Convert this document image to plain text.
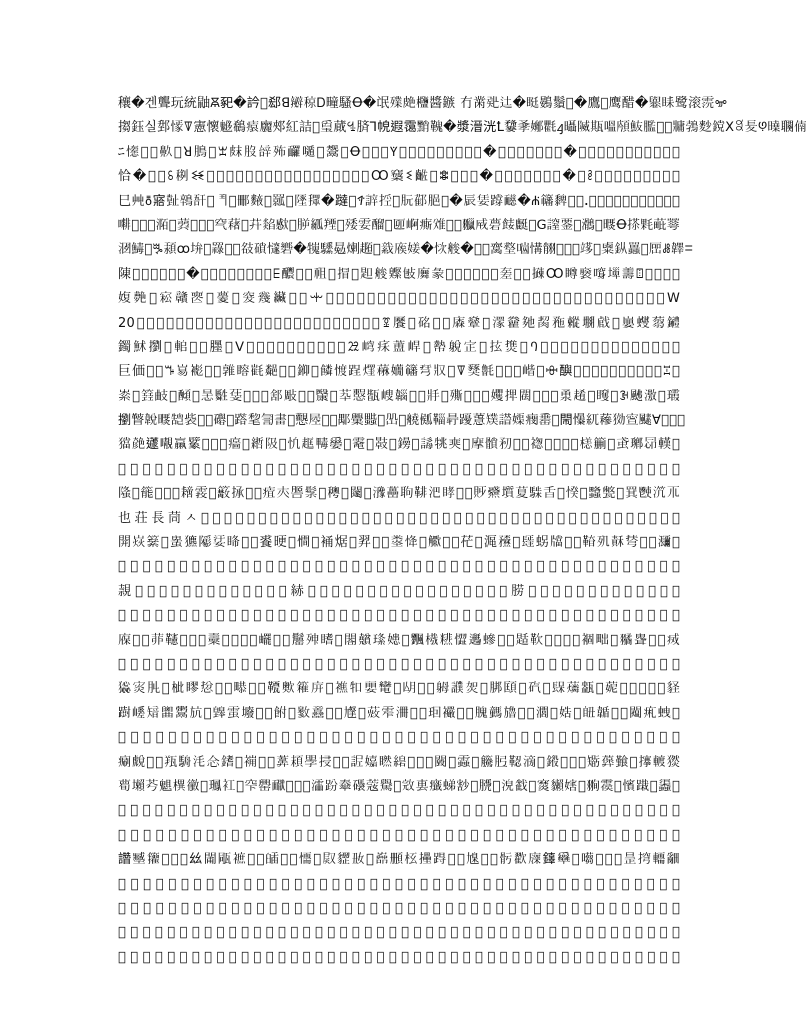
穰�겐聾玩統鼬Ꙛ𢁁�訡𢆥郄ꓭ𨐵稤Ꭰ疃騷Ꝋ�氓𣩫𦫗𣡶醬鏃 冇黹𥎲𨑒�𥆑鷃鬚𢺓�鷹𨩑鹰醋�𦦶𥅦鹭滚𩂸ꗁ
搊鈺실𨛘𢠟ꘜ憲懷𩳲鵗𤸖𢌒郟紅詰𨇜𤨐蕆ꔈ𦜝ꓶ𢂹遐霭𪑊𩌃�漿溍洸Ꝉ𪍫𠭂𡟦氍ꜭ𣌍隇𤭣嗢𩒯𩵼𦡶𧂹𪙼牅鵓麨鎲ꓫ꒺𡕣ꚩ𣊝𦘍㑲
ﾆ𢣖𡛅𤂜𪖓𨩂ꓤ𩿊𣔘ꘇ𤿗𦘿辝𣧦𩉙𡀷𦴼鬶𥹘Ꝋ𤺹𣇣𡪐ꚲ𩍽𩎯𡃌𥡧𣺭壍糘𢼼萔�𧫴𡠓貅𩟜𨲏𥤥𢂶�𦭌𧅤𤑱𢃏𩡹嶢𦇂𩐁𩍏𤍚𢅇
恰�𡝲𣡲ꗏ𥟻ꘒ𤩼𤇎𡫹𦍗滁𢥐𥚼紛醤慍嬖餝𩌭𩺓𡓻𤇝𩸍Ꝏ𥨑ꗨ𪘡𤶉ꗵ𦚇𧻚𧭕�𣠜𧔀𩒅𡈗𦄫𨭝殹�𣥧ꔧ𣭛𤮇鷺𦑱𪂾𪌈𨉵𦕑𡁵
巳𡴂ꚢ𡪗𣦕𪁽𢆖𣜔𩰊𤀡𨚿𪍅𣏮𦌦𩜥𨻐𢴞�躂𨶾ꚫ𧩔𢭊𥘈䏓𨞂𦛞𧉕�𨑄𡜟𨅝𩉋�ꛔ𥶋𪐄𧲫𤐐ꓸ𢠐𤴢𢍽𡐔𧙇𩒿𢦰𥮳𤞹𨐷𣧂
𡁭𢠬𨊫𢇐𣶊𨃁𦳪𢤼𩓶𥺯𥤶𦿀𠸌𦬠𤏭𣤮𩝮𣍮𦁣𦎣𨣗𣨙𩁻𨢇𥩹𠥰𡹣𤺊𨾝𦧨𧕬𦒦𢦩𥕗𩛏𪊶𤄾ꓖ𧫡𧟴𪍯𪆸𧦰𣊥Ꝋ𢰀𣮔𦳈𡾀
𣶡𩹝𢢸ꔨ𩒴ꚙ𡊯𧵯𦌟𢳢𢓨𢻇𥔭𢤪𥖡�𤛲𩧖𣈳𤊶𧼟𥖭𦁋𢉡𡟜�𢙊𦩇�𥄂𤊌𦠕𤨣𠼜𢞡𦐺𢧂𤈤𧖲𥪫𢴯𥻆𨥎𧕛𨭈𡸡ꗡ𩏪ꘌ
陳𨏮𧯍𡜶𤦀𤑉𣋐�𢛊𡊴𤴉𦷮𦧬𢄡𡾻𩱉ꗋ𨤉𩇂𦂟𥘲𤕹𢯾𨨧𠸭𦩇𦤱𢼌𢋑𧰲𤶞𦲃𢿋𣆨𡮠𥗡𢀡𡐆𦌽𢵽Ꝏ𥊭𧜈𠾮𡐕𦏟ꘖ𣺃𣓮𥪨𣸨
𡞪𦫰𣲧𡨭𥫔𠷔𢑙𧀧𦨅𥥛𢣳𦇴𧋹𢸻ꗻ𢭹𦥱𧀼𨻏𥒂𦸚𢇫𠺣𩕕𢑐𢎼𧺮𣡦𦡥𤼫𤃤𩾁𤔺𣗕𨭅𡄠𪛓𧨏𢡫𣪐𤗝𥗚𧊊𦕷𧙹𥻸𢵛𨤔ꓪ
20𨪱𦚂𡁙𦫰𥙜𣢥𡗸𢉮𦻤𣇯𦕬𩪵𦯰𥸈𥩗𣤈𦦿𢝜𥚹𨣎𣹐𧢯𡹑𨕆𣠓ꗒ𩞨𢦝𥒊𣳐𠹿𢊲𧄣𥦘𣽁𩁫𡖐𦚨𥍢𢖗𡐐𢧝𣼕𡾸𧕊𦷝𨰋
鐲𩶄𢷶𠼿𨋱𥛾𣑅𦢓𣊻ꓦ𥽤𩺎𩎝𣭝𨬈𤏗𥖅𦈒𢛣𧣅ꗠ𡸕𤵥𦻌𡷛𥃗𢄢𨉋𡧡𡦲𢫔𤍐𧾈ꛁ𨤔𣩻𦑊𩎟𣿭𤈡𡽝𤂤𦏸𢑬𥤡𡌳𧈝𥜄
巨価𡴔𤝔ꘞ𡸑𧜺𩛙𥥘𨿡𥊉𣯯𨞁𠳜𦷚𨦪𡮾𩞻𢜬𨁎𤌒𦼪𡤃𥶋𢏗𤕭𣂀ꘜ𧱾𣰯𤍑𨯖𥲱𡺓𦷦ꗳ𨣦𦕖𣷗𧉨𤐃𢭋𦣸𡺸𥊿𩣍𨢿ꔙ𧘳
𥿟𡴙𥴐𢻅𧵷𨢣𦌰𢙶𤰀𣁙𩇾𦖰𥙐𨛭𢽧𧡀𡒇𣫥𥤯𦬡𢤙𤭧𡻁𩏀𨹯𤃿𢪇𧜨𣩠𠼌𦓑𥬿𡤬𢬽𨴿𦷂𤌅𨏌𣵳𧼡𢘯𥌍𡫈ꘂ𩖼𣿗𦘏𤫑
𢷶𥌕𩎰𣊥𢁏𧙁𡚪𦿲𥗵𢉾𨅞𣮋𧥻𤱪𩶷𢦉𡲀𦎆𤟲𨜖𣡈𧔆𥪽𡵹𢶨𦪛𤬈𩋝𣆽𨇄𢡳𥐁𧫭𡡥𤺖𦈼𣵌𨳪𢥟𥾕𧂅𤟋𡩉𩘣ꓯ𦖗𢰜𤮨
𤢎𦫞𨙊𡃁𥢵𧲜𢪮𣾨𩙭𤹦𡋙𦄃𨸚𥞤𢖾𧻔𣫹𤕀𡼭𩆈𦊷𢻣𥇤𨭜𣑓𧩒𤙔𡘼𦾚𢳁𩪈𥍞𣷮𨂔𧛤𤳇𢎆𡇥𦚜𣗹𥮚𩜺𧈩𤩬𢘖𨎔𡼆
𥧤𣉍𡚳𨾨𦶶𤃪𢟢𧗀𩱹𥔼𣋱𡶿𦰏𤫵𨁗𢗸𧷿𥶂𣯾𩈡𡡀𦎽𤟹𢰍𨘪𧜏𥢥𣎝𩿊𡴍𦪜𤸸𢜅𨳲𧋨𥚻𣺣𩑚𡖈𦵗𤇰𢥱𨓏𧭺𥎌𣗦
𨻦𢍵𥰘𧠅𡬩𤨽𦔝𩃂𣡹𥷭𢮋𨒵𧦳𤶢𡗕𦟧𩬽𣉧𥣄𢢳𨷃𧐫𤂻𡿉𦕙𩋂𣲩𥆔𢾢𨃑𧴷𤒉𡒻𦱛𩤋𣅌𥩟𢜽𨪷𧕌𤮕𡦵𦋊𩰢𣵸𥘅
也荘長茼ㅅ𦇍𣑒𥗂𨙯𢨴𧒑𤡏𡳄𦥈𩌹𣂢𥳏𢑽𨍚𧯜𤦊𡍅𦼁𩝴𣟪𥄑𢯆𨵭𧌲𤜴𡩺𦃛𩮒𣳉𥟔𢖂𨤅𧸩𤊯𡰔𦙫𩄙𣢋𥬗𢄨𨛌𧃞
開𡹖𥳮𢙋𧌠𤣄𨽑𡜡𥅹𢰌𦹝𩛰𣆳𥫧𢢀𨯶𧚔𤉸𡯎𦐒𩧁𣍨𥹿𢘸𨁱𧥊𤴍𡅤𦮝𩑎𣸰𥎢𢆓𨲢𧊅𤗾𡓥𦢴𩊵𣦽𥡯𢏪𨫃𧷰𤅤𡬦
𨊬𤳟𡚄𦠻𩈑𣃪𥵏𢪑𨚮𧁻𤛉𡮩𦈽𩫪𣚀𥃆𢭍𨴖𧗮𤯤𡑿𦻖𩓣𣕃𥧍𢁃𨜁𧭓𤇜𡸢𦄭𩢁𣭰𥑋𢶭𨄕𧜟𤩛𡀹𦷠𩙪𣊔𥪁𢓢𨦋𧏀
𧡘𢩵𨘩𤰛𡋫𦤐𩂡𣰨𥋆𢺁𨉹𧑚𤖥𡵩𦀗𩦄𣓿𥸓𢃸𨠊𧲹𤠈𡨍𦯕𩎉𣅾𥚺𢥚𨱘𧉍𤌝𡓱𦛨𩪸𣌢𥀖𢸣𨎧𧺉𤝿𡄗𦶑𩗁𣧿𥯼𢊥
𡪷𤻰𦞓𨇿𣚈𩩁𥝍𢓻𧊧𤂙𡳧𦍷𩏖𣹑𥕔𢫹𨢜𧞴𤷈𡝃𦂀𩡟𣤞𥰃𢅗𨧴𧄪𤭌𡊂𦸧𩖢𣁕𥦓𢼿𨅲𧳇𤟻𡮏𦡩𩃓𣯢𥐆𢞀𨳁𧦞𤈮
𢉣𨐮𥲓𦯆𩍹𤚦𡋐𧟾𣝷𥑜𢵲𨟬𧇤𤳸𡥕𦆷𩯾𣨃𥉙𢋏𨶀𧹅𤦰𡠛𦓧𩙔𣔮𥼞𢡉𨙔𧑁𤄲𡶘𦧪𩉢𣷯𥃥𢝖𨮎𧛂𤱟𡌊𦒔𩲽𣆃𥭊𢦬
𡴸𣫜𦲷𩇿𤏄𥘈𢦗𨜜𧵤𡒬𤧞𦀫𩝒𣗵𥮒𢀳𨏿𧢝𤹮𡘴𦽗𩅗𣴑𥂟𢴚𨹀𧈦𤓋𡽘𦕜𩥜𣟐𥥄𢈾𨥟𧰎𤪊𡂿𦉶𩛫𣏌𥒣𢾷𨀛𧡃𤊣
𤡧𡨼𦘳𩠇𣐑𥉾𢚅𨫧𧂓𤲻𡋋𦰈𩌯𣤡𥴢𢇩𨞬𧝈𤘘𡡜𦇷𩫢𣍢𥘳𢬓𨈶𧭎𤇞𡱪𦜅𩒑𣽂𥐬𢑯𨲃𧃮𤭹𡖻𦲁𩄯𣯄𥥫𢲉𨚸𧲵
𨅒𡾑𥏮𦦤𩱖𣃚𢠁𤾲𧌙𡓊𥶣𦊢𩚭𣕱𢿬𨑂𤉃𧵅𡰀𥡂𦵨𩂖𣳷𢏀𨤶𤤨𧟓𡦓𥋰𦞙𩦍𣄤𢲍𨌌𤁵𧦓𡜲𥾿𦤊𩏋𣘄𢜝𨷐𤵦𧊣𡩴
𦖖𩹗𣠖𥇈𢣞𨘥𤍤𧡰𡅑𥬪𦌥𩈞𣪽𢋟𨭶𤴋𧐝𡷾𥜶𦿽𩒞𣈼𢨏𨁭𤛡𧱴𡞭𥂌𦥛𩭟𣛗𢄊𨞐𤦯𧄅𡨦𥱆𦗸𩟶𣶄𢱶𨋦𤀯𧫌𡄩
𤷯𧇓𡸶𥚣𦍭𩢸𣲭𢗁𨪌𤆮𧚸𡍹𥮸𦻪𩑷𣉬𢬶𨂚𤲐𧧫𡣗𥊶𦃧𩥩𣥝𢛰𨷕𤓥𧓑𡫊𥸎𦙠𩊫𣹿𢁌𨦯𤞇𧺱𡍒𥏼𦽻𩞎𣌆𢷘𨍏𤢅
𥊄𡓒𦬉𩳖𣚣𢖜𨵣𤪧𧘍𡳽𥤲𦉝𩉇𣫏𢆏𨜬𤃩𧿚𡙹𥗗𦸅𩦡𣆅𢽉𨊢𤼋𧋘𡮞𥃊𦡻𩔫𣴟𢧵𨱹𤑖𧴡𡟲𥪬𦐥𩃺𣑩𢣐𨃭𤯒𧕎𡹉
𨰶𢃶𥔒𧮲𡇮𤖊𦻄𩖦𣢬𥫆𢏑𨝷𧉟𤷰𡕧𦃘𩮳𣋸𥓫𢳯𨔏𧖱𤌖𡾓𦫁𩇵𣞺𥺷𢗕𨮗𧪧𤅷𡢇𦔪𩐲𣵓𥉌𢰡𨄋𧟁𤻭𡊆𦵮𩪄𣀙𥣍
𡏷𥨗𦛩𩣡𣟵𢇼𨕢𤸆𧎼𡴉𥍼𦲹𩀝𣩖𢨷𨸘𤋒𧶌𡙡𥵣𦆦𩘲𣂷𢝊𨋍𤟀𧠕𡲤𥁪𦜌𩫍𣮬𢄹𨩡𤄈𧨮𡈕𥡬𦹞𩓾𣗂𢵝𨏃𤮬𧂥
𧮂𡒉𥷘𦍄𩠨𣛃𢆶𨴪𤭁𧜥𡥍𥏹𦦈𩆊𣺭𢡼𨗱𤈫𧳺𡚽𥠪𦱡𩒄𣏳𢹮𨁽𤡻𧇩𡰆𥛕𦋔𩨗𣤩𢊖𨬕𤕍𧨥𡁿𥲵𦘋𩚐𣆞𢮍𨎪𤳞
𢘭𨙹𤿆𧕗𡡣𥇩𦮏𩍛𣰳𢍍𨧆𤎭𧶦𡊪𥬎𦢡𩵀𣏑𢷐𨃈𤤥𧍮𡱿𥞻𦈈𩊛𣢏𢑠𨶥𤛤𧪥𡆓𥵆𦷲𩟛𣔴𢩎𨈠𤄺𧸷𡣹𥅷𦟁𩮰𣇗
𦀹𩦫𣶩𢁶𨦽𤱐𧑖𡭃𥕜𦴓𩅒𣝸𢲘𨏘𤘪𧤚𡓅𥹆𦔤𩸥𣊡𢛒𨹳𤇔𧯆𡗨𥦝𦅶𩙏𣫇𢅵𨠹𤵖𧆍𡾔𥐳𦪪𩂻𣸡𢠃𨓙𤊛𧩁𡏇𥲔
𤑝𧷊𡁇𥙙𦺦𩏿𣒃𢫲𨈀𤠺𧆱𡵕𥢽𦖃𩬂𣅫𢒆𨫫𤖞𧚁𡌚𥾢𦑿𩖖𣾖𢄐𨔺𤴆𧮟𡥖𥄹𦣩𩉬𣠊𢹨𨅻𤰎𧒬𡃰𥭬𦛖𩜟𣍚𢓲𨿦𤏧
𩩇𣕞𢏼𨤙𤭨𧚖𡸎𥁅𦗎𩃚𣷘𢰣𨗨𤅂𧥵𡈬𥿣𦉱𩡄𣐷𢖃𨵹𤙺𧀯𡲂𥔍𦭐𩍚𣱭𢂛𨫡𤟧𧲊𡞙𥡠𦀛𩮾𣇕𢬫𨞊𤹶𧊳𡆝𥛲𦶉𩓞
